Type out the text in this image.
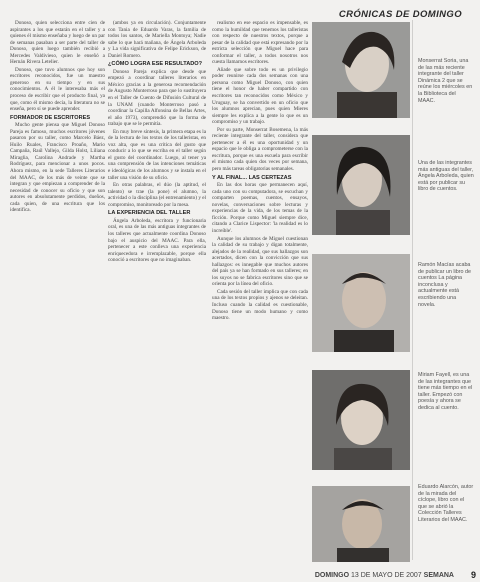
CRÓNICAS DE DOMINGO

Donoso, quien selecciona entre cien de aspirantes a los que estarán en el taller y a quienes él mismo enseñaba y luego de un par de semanas pasaban a ser parte del taller de Donoso, quien luego también recibió a Mercedes Valdivieso, quien le enseñó a Hernán Rivera Letelier.

Donoso, que tuvo alumnos que hoy son escritores reconocidos, fue un maestro generoso en su tiempo y en sus conocimientos. A él le interesaba más el proceso de escribir que el producto final, ya que, como él mismo decía, la literatura no se enseña, pero sí se puede aprender.

FORMADOR DE ESCRITORES

Mucho gente piensa que Miguel Donoso Pareja es famoso, muchos escritores jóvenes pasaron por su taller, como Marcelo Báez, Huilo Ruales, Francisco Proaño, Mario Campaña, Raúl Vallejo, Gilda Holst, Liliana Miraglia, Carolina Andrade y Martha Rodríguez, para mencionar a unos pocos. Ahora mismo, en la sede Talleres Literarios del MAAC, de los más de veinte que se integran y que empiezan a comprender de la necesidad de conocer su oficio y que son autores en absolutamente perdidos, dueños, cada quien, de una escritura que los identifica.

(ambos ya en circulación). Conjuntamente con Tania de Eduardo Varas, la familia de todos los santos, de Mariella Montoya; Nadie sabe lo que hará mañana, de Ángela Arboleda y La vida significativa de Felipe Erickson, de Daniel Romero.

¿CÓMO LOGRA ESE RESULTADO?

Donoso Pareja explica que desde que empezó a coordinar talleres literarios en México gracias a la generosa recomendación de Augusto Monterroso para que lo sustituyera en el Taller de Cuento de Difusión Cultural de la UNAM (cuando Monterroso pasó a coordinar la Capilla Alfonsina de Bellas Artes, el año 1973), comprendió que la forma de trabajo que se le permitía.

En muy breve síntesis, la primera etapa es la de la lectura de los textos de los talleristas, en voz alta, que es una crítica del gusto que conducir a lo que se escriba en el taller según el gusto del coordinador. Luego, al tener ya una comprensión de las intenciones temáticas e ideológicas de los alumnos y se instala en el taller una visión de su oficio.

En otras palabras, el dúo (la aptitud, el talento) se trae (la pone) el alumno, la actividad o la disciplina (el entrenamiento) y el compromiso, monitoreado por la mesa.

LA EXPERIENCIA DEL TALLER

Ángela Arboleda, escritora y funcionaria oral, es una de las más antiguas integrantes de los talleres que actualmente coordina Donoso bajo el auspicio del MAAC. Para ella, pertenecer a este conlleva una experiencia enriquecedora e irremplazable, porque ella conoció a escritores que no imaginaban.

realismo en ese espacio es impensable, es como la humildad que tenemos los talleristas con respecto de nuestros textos, porque a pesar de la calidad que está expresando por la estricta selección que Miguel hace para conformar el taller, a todos nosotros nos cuesta llamarnos escritores.

Añade que sobre todo es un privilegio poder reunirse cada dos semanas con una persona como Miguel Donoso, con quien tiene el honor de haber compartido con escritores tan reconocidos como México y Uruguay, se ha convertido en un oficio que los alumnos aprecian, pues quien Mieres siempre les explica a la gente lo que es un compromiso y un trabajo.

Por su parte, Monserrat Bosemena, la más reciente integrante del taller, considera que pertenecer a él es una oportunidad y un espacio que le obliga a comprometerse con la escritura, porque es una escuela para escribir el mismo cada quien dos veces por semana, pero más tareas obligatorias semanales.

Y AL FINAL... LAS CERTEZAS

En las dos horas que permanecen aquí, cada uno con su computadora, se escuchan y comparten poemas, cuentos, ensayos, novelas, conversaciones sobre lecturas y experiencias de la vida, de los temas de la ficción. Porque como Miguel siempre dice, citando a Clarice Lispector: 'la realidad es lo increíble'.

Aunque los alumnos de Miguel cuestionan la calidad de su trabajo y digan totalmente, alejados de la realidad, que sus hallazgos son acertados, dicen con la convicción que sus hallazgos: es innegable que muchos autores del país ya se han formado en sus talleres; en los suyos no se fabrica escritores sino que se orienta por la línea del oficio.

Cada sesión del taller implica que con cada una de los textos propios y ajenos se deleitan. Incluso cuando la calidad es cuestionable, Donoso tiene un modo humano y como maestro.

Monserrat Soria, una de las más reciente integrante del taller Dinámica 2 que se reúne los miércoles en la Biblioteca del MAAC.
Una de las integrantes más antiguas del taller, Ángela Arboleda, quien está por publicar su libro de cuentos.
Ramón Macías acaba de publicar un libro de cuentos La página inconclusa y actualmente está escribiendo una novela.
Miriam Fayell, es una de las integrantes que tiene más tiempo en el taller. Empezó con poesía y ahora se dedica al cuento.
Eduardo Alarcón, autor de la mirada del cíclope, libro con el que se abrió la Colección Talleres Literarios del MAAC.
DOMINGO 13 DE MAYO DE 2007 SEMANA 9
